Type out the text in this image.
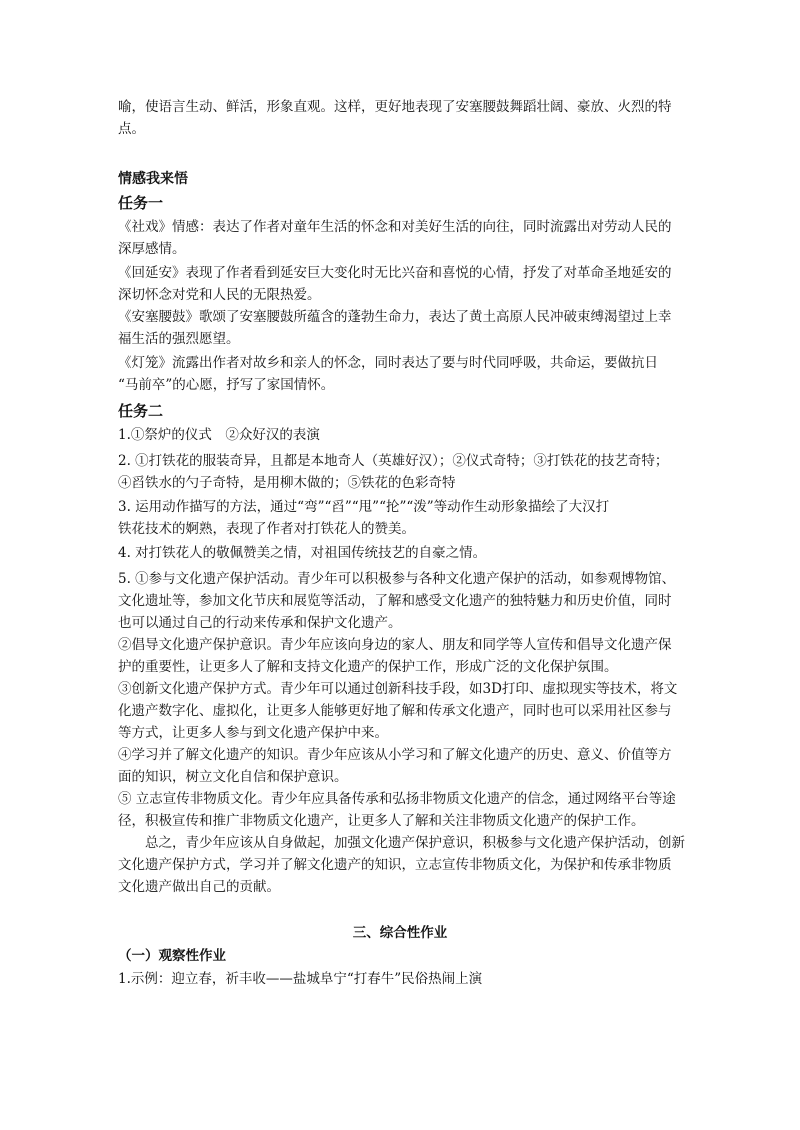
喻，使语言生动、鲜活，形象直观。这样，更好地表现了安塞腰鼓舞蹈壮阔、豪放、火烈的特
点。
情感我来悟
任务一
《社戏》情感：表达了作者对童年生活的怀念和对美好生活的向往，同时流露出对劳动人民的
深厚感情。
《回延安》表现了作者看到延安巨大变化时无比兴奋和喜悦的心情，抒发了对革命圣地延安的
深切怀念对党和人民的无限热爱。
《安塞腰鼓》歌颂了安塞腰鼓所蕴含的蓬勃生命力，表达了黄土高原人民冲破束缚渴望过上幸
福生活的强烈愿望。
《灯笼》流露出作者对故乡和亲人的怀念，同时表达了要与时代同呼吸，共命运，要做抗日
“马前卒”的心愿，抒写了家国情怀。
任务二
1.①祭炉的仪式　②众好汉的表演
2. ①打铁花的服装奇异，且都是本地奇人（英雄好汉）；②仪式奇特；③打铁花的技艺奇特；
④舀铁水的勺子奇特，是用柳木做的；⑤铁花的色彩奇特
3. 运用动作描写的方法，通过“弯”“舀”“甩”“抡”“泼”等动作生动形象描绘了大汉打
铁花技术的婀熟，表现了作者对打铁花人的赞美。
4. 对打铁花人的敬佩赞美之情，对祖国传统技艺的自豪之情。
5. ①参与文化遗产保护活动。青少年可以积极参与各种文化遗产保护的活动，如参观博物馆、
文化遗址等，参加文化节庆和展览等活动，了解和感受文化遗产的独特魅力和历史价值，同时
也可以通过自己的行动来传承和保护文化遗产。
②倡导文化遗产保护意识。青少年应该向身边的家人、朋友和同学等人宣传和倡导文化遗产保
护的重要性，让更多人了解和支持文化遗产的保护工作，形成广泛的文化保护氛围。
③创新文化遗产保护方式。青少年可以通过创新科技手段，如3D打印、虚拟现实等技术，将文
化遗产数字化、虚拟化，让更多人能够更好地了解和传承文化遗产，同时也可以采用社区参与
等方式，让更多人参与到文化遗产保护中来。
④学习并了解文化遗产的知识。青少年应该从小学习和了解文化遗产的历史、意义、价值等方
面的知识，树立文化自信和保护意识。
⑤ 立志宣传非物质文化。青少年应具备传承和弘扬非物质文化遗产的信念，通过网络平台等途
径，积极宣传和推广非物质文化遗产，让更多人了解和关注非物质文化遗产的保护工作。
总之，青少年应该从自身做起，加强文化遗产保护意识，积极参与文化遗产保护活动，创新
文化遗产保护方式，学习并了解文化遗产的知识，立志宣传非物质文化，为保护和传承非物质
文化遗产做出自己的贡献。
三、综合性作业
（一）观察性作业
1.示例：迎立春，祈丰收——盐城阜宁“打春牛”民俗热闹上演
